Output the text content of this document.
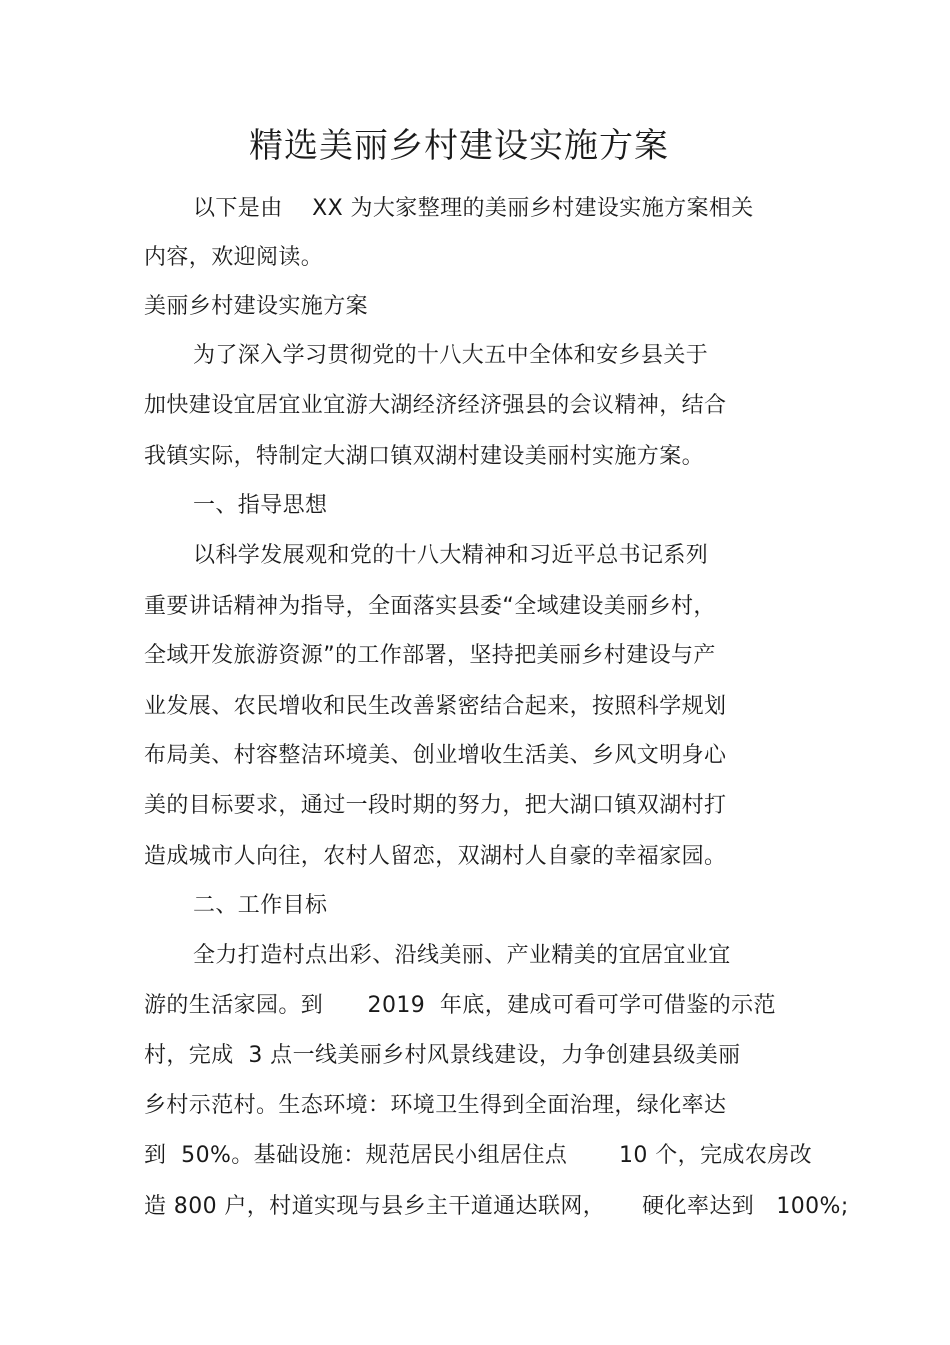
精选美丽乡村建设实施方案
以下是由    XX 为大家整理的美丽乡村建设实施方案相关
内容，欢迎阅读。
美丽乡村建设实施方案
为了深入学习贯彻党的十八大五中全体和安乡县关于
加快建设宜居宜业宜游大湖经济经济强县的会议精神，结合
我镇实际，特制定大湖口镇双湖村建设美丽村实施方案。
一、指导思想
以科学发展观和党的十八大精神和习近平总书记系列
重要讲话精神为指导，全面落实县委“全域建设美丽乡村，
全域开发旅游资源”的工作部署，坚持把美丽乡村建设与产
业发展、农民增收和民生改善紧密结合起来，按照科学规划
布局美、村容整洁环境美、创业增收生活美、乡风文明身心
美的目标要求，通过一段时期的努力，把大湖口镇双湖村打
造成城市人向往，农村人留恋，双湖村人自豪的幸福家园。
二、工作目标
全力打造村点出彩、沿线美丽、产业精美的宜居宜业宜
游的生活家园。到      2019  年底，建成可看可学可借鉴的示范
村，完成  3 点一线美丽乡村风景线建设，力争创建县级美丽
乡村示范村。生态环境：环境卫生得到全面治理，绿化率达
到  50%。基础设施：规范居民小组居住点       10 个，完成农房改
造 800 户，村道实现与县乡主干道通达联网，     硬化率达到   100%;
